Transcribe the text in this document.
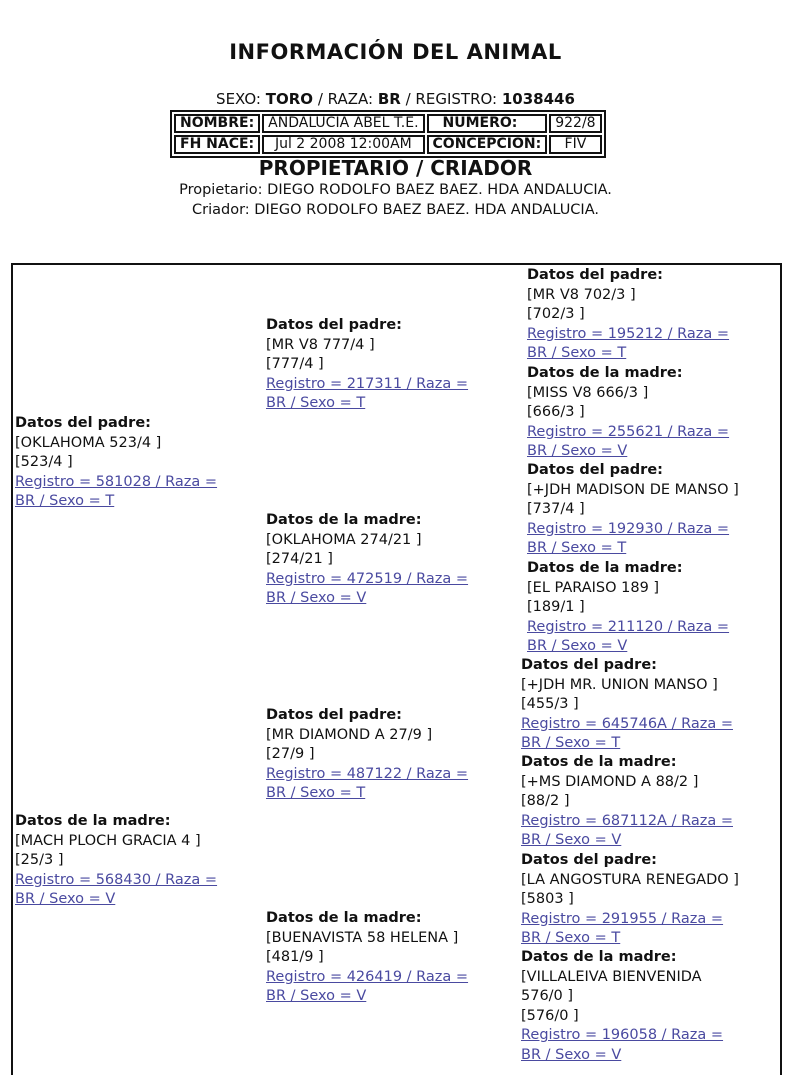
INFORMACIÓN DEL ANIMAL
SEXO: TORO / RAZA: BR / REGISTRO: 1038446
NOMBRE:	ANDALUCIA ABEL T.E.	NUMERO:	922/8
FH NACE:	Jul 2 2008 12:00AM	CONCEPCION:	FIV
PROPIETARIO / CRIADOR
Propietario: DIEGO RODOLFO BAEZ BAEZ. HDA ANDALUCIA.
Criador: DIEGO RODOLFO BAEZ BAEZ. HDA ANDALUCIA.
Datos del padre:
[OKLAHOMA 523/4 ]
[523/4 ]
Registro = 581028 / Raza =
BR / Sexo = T
Datos de la madre:
[MACH PLOCH GRACIA 4 ]
[25/3 ]
Registro = 568430 / Raza =
BR / Sexo = V
Datos del padre:
[MR V8 777/4 ]
[777/4 ]
Registro = 217311 / Raza =
BR / Sexo = T
Datos de la madre:
[OKLAHOMA 274/21 ]
[274/21 ]
Registro = 472519 / Raza =
BR / Sexo = V
Datos del padre:
[MR DIAMOND A 27/9 ]
[27/9 ]
Registro = 487122 / Raza =
BR / Sexo = T
Datos de la madre:
[BUENAVISTA 58 HELENA ]
[481/9 ]
Registro = 426419 / Raza =
BR / Sexo = V
Datos del padre:
[MR V8 702/3 ]
[702/3 ]
Registro = 195212 / Raza =
BR / Sexo = T
Datos de la madre:
[MISS V8 666/3 ]
[666/3 ]
Registro = 255621 / Raza =
BR / Sexo = V
Datos del padre:
[+JDH MADISON DE MANSO ]
[737/4 ]
Registro = 192930 / Raza =
BR / Sexo = T
Datos de la madre:
[EL PARAISO 189 ]
[189/1 ]
Registro = 211120 / Raza =
BR / Sexo = V
Datos del padre:
[+JDH MR. UNION MANSO ]
[455/3 ]
Registro = 645746A / Raza =
BR / Sexo = T
Datos de la madre:
[+MS DIAMOND A 88/2 ]
[88/2 ]
Registro = 687112A / Raza =
BR / Sexo = V
Datos del padre:
[LA ANGOSTURA RENEGADO ]
[5803 ]
Registro = 291955 / Raza =
BR / Sexo = T
Datos de la madre:
[VILLALEIVA BIENVENIDA
576/0 ]
[576/0 ]
Registro = 196058 / Raza =
BR / Sexo = V
